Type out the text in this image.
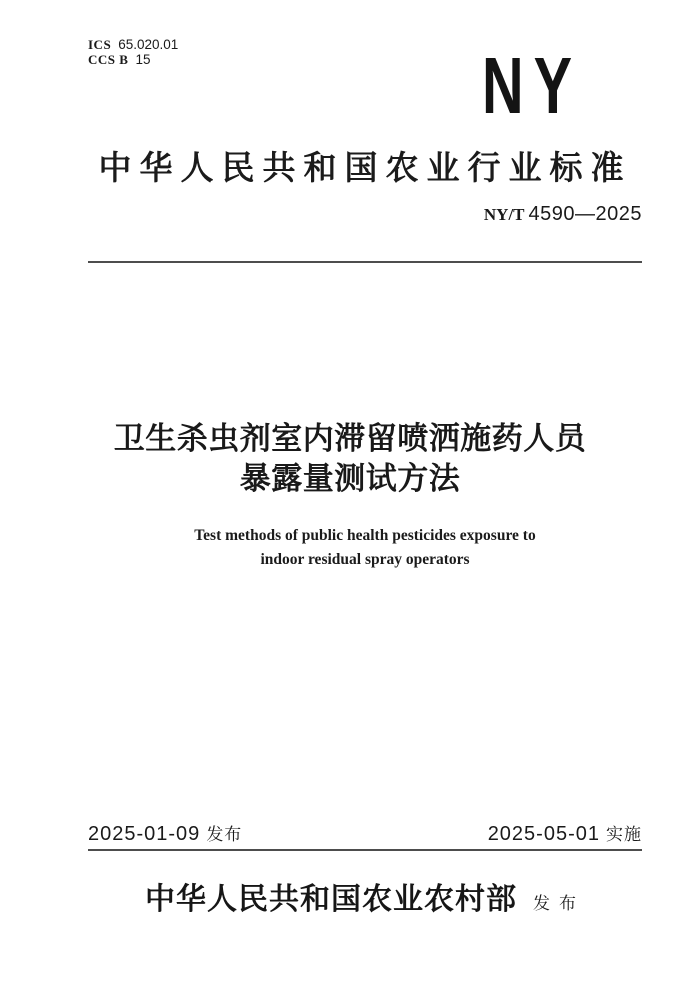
ICS 65.020.01
CCS B 15	NY
中华人民共和国农业行业标准
NY/T 4590—2025
卫生杀虫剂室内滞留喷洒施药人员
暴露量测试方法
Test methods of public health pesticides exposure to
indoor residual spray operators
2025-01-09 发布	2025-05-01 实施
中华人民共和国农业农村部 发布
